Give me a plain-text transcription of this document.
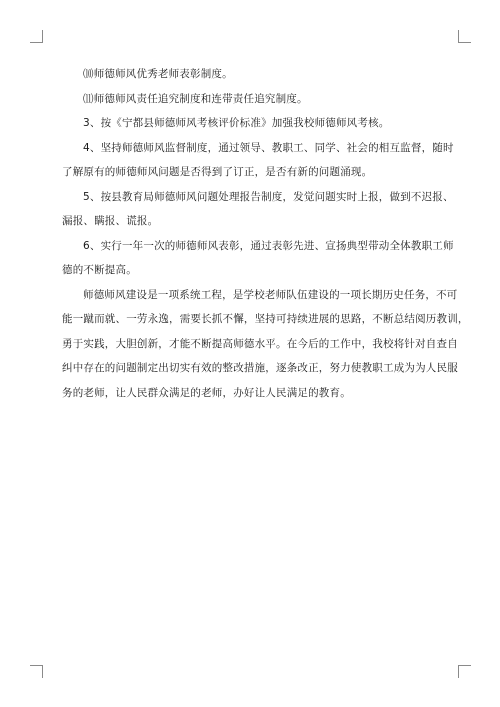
⑽师德师风优秀老师表彰制度。

⑾师德师风责任追究制度和连带责任追究制度。

3、按《宁都县师德师风考核评价标准》加强我校师德师风考核。

4、坚持师德师风监督制度，通过领导、教职工、同学、社会的相互监督，随时
了解原有的师德师风问题是否得到了订正，是否有新的问题涌现。

5、按县教育局师德师风问题处理报告制度，发觉问题实时上报，做到不迟报、
漏报、瞒报、谎报。

6、实行一年一次的师德师风表彰，通过表彰先进、宣扬典型带动全体教职工师
德的不断提高。

师德师风建设是一项系统工程，是学校老师队伍建设的一项长期历史任务，不可
能一蹴而就、一劳永逸，需要长抓不懈，坚持可持续进展的思路，不断总结阅历教训，
勇于实践，大胆创新，才能不断提高师德水平。在今后的工作中，我校将针对自查自
纠中存在的问题制定出切实有效的整改措施，逐条改正，努力使教职工成为为人民服
务的老师，让人民群众满足的老师，办好让人民满足的教育。
